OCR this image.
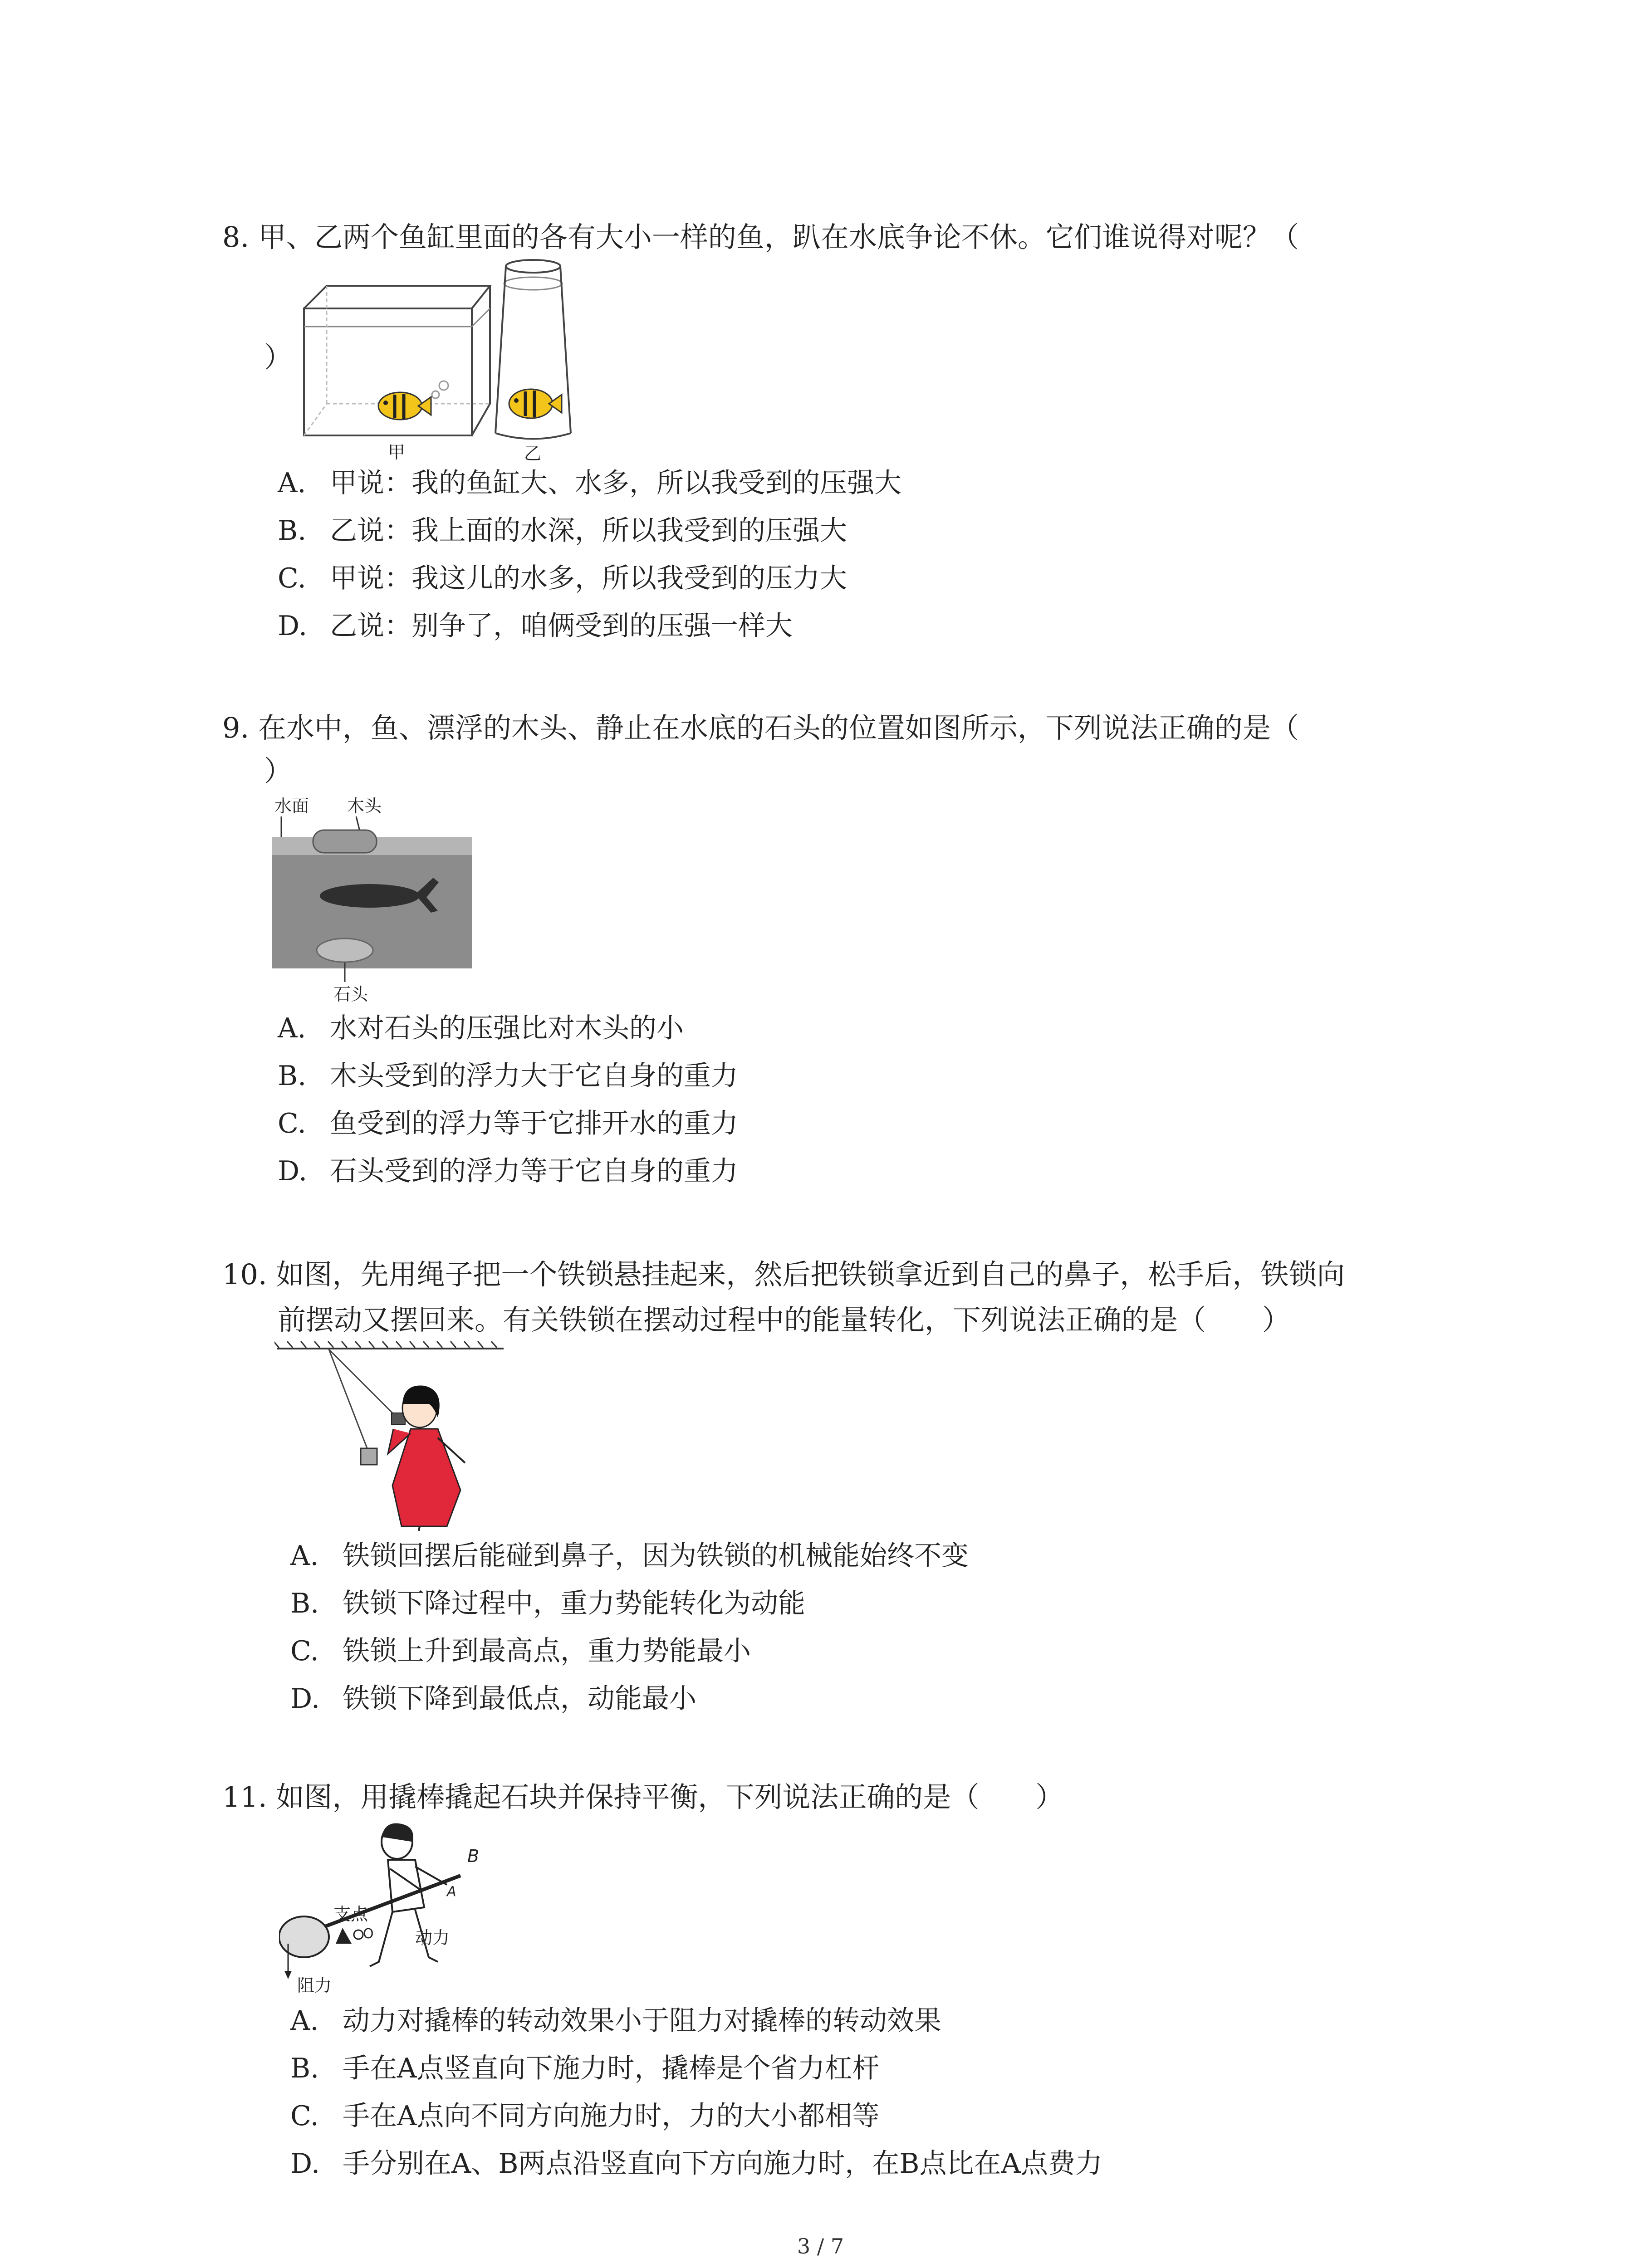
8. 甲、乙两个鱼缸里面的各有大小一样的鱼，趴在水底争论不休。它们谁说得对呢？（
）
甲	乙
A. 甲说：我的鱼缸大、水多，所以我受到的压强大
B. 乙说：我上面的水深，所以我受到的压强大
C. 甲说：我这儿的水多，所以我受到的压力大
D. 乙说：别争了，咱俩受到的压强一样大
9. 在水中，鱼、漂浮的木头、静止在水底的石头的位置如图所示，下列说法正确的是（
）
水面 木头
石头
A. 水对石头的压强比对木头的小
B. 木头受到的浮力大于它自身的重力
C. 鱼受到的浮力等于它排开水的重力
D. 石头受到的浮力等于它自身的重力
10. 如图，先用绳子把一个铁锁悬挂起来，然后把铁锁拿近到自己的鼻子，松手后，铁锁向
前摆动又摆回来。有关铁锁在摆动过程中的能量转化，下列说法正确的是（　　）
A. 铁锁回摆后能碰到鼻子，因为铁锁的机械能始终不变
B. 铁锁下降过程中，重力势能转化为动能
C. 铁锁上升到最高点，重力势能最小
D. 铁锁下降到最低点，动能最小
11. 如图，用撬棒撬起石块并保持平衡，下列说法正确的是（　　）
B
A
支点
O 动力
阻力
A. 动力对撬棒的转动效果小于阻力对撬棒的转动效果
B. 手在A点竖直向下施力时，撬棒是个省力杠杆
C. 手在A点向不同方向施力时，力的大小都相等
D. 手分别在A、B两点沿竖直向下方向施力时，在B点比在A点费力
3 / 7
